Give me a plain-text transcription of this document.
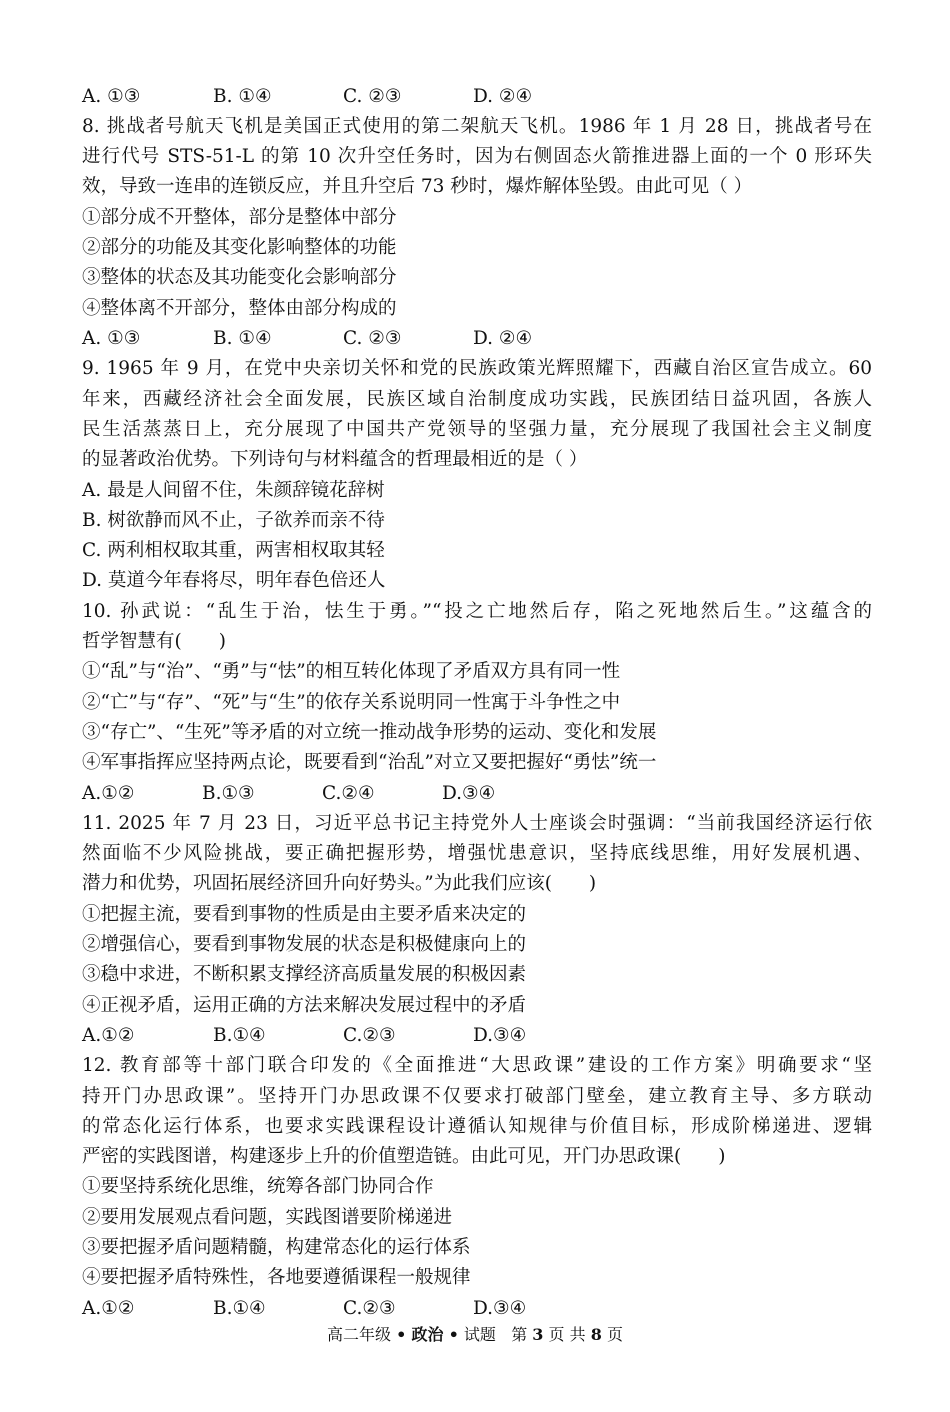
A. ①③	B. ①④	C. ②③	D. ②④
8. 挑战者号航天飞机是美国正式使用的第二架航天飞机。1986 年 1 月 28 日，挑战者号在
进行代号 STS-51-L 的第 10 次升空任务时，因为右侧固态火箭推进器上面的一个 0 形环失
效，导致一连串的连锁反应，并且升空后 73 秒时，爆炸解体坠毁。由此可见（ ）
①部分成不开整体，部分是整体中部分
②部分的功能及其变化影响整体的功能
③整体的状态及其功能变化会影响部分
④整体离不开部分，整体由部分构成的
A. ①③	B. ①④	C. ②③	D. ②④
9. 1965 年 9 月，在党中央亲切关怀和党的民族政策光辉照耀下，西藏自治区宣告成立。60
年来，西藏经济社会全面发展，民族区域自治制度成功实践，民族团结日益巩固，各族人
民生活蒸蒸日上，充分展现了中国共产党领导的坚强力量，充分展现了我国社会主义制度
的显著政治优势。下列诗句与材料蕴含的哲理最相近的是（ ）
A. 最是人间留不住，朱颜辞镜花辞树
B. 树欲静而风不止，子欲养而亲不待
C. 两利相权取其重，两害相权取其轻
D. 莫道今年春将尽，明年春色倍还人
10. 孙武说：“乱生于治，怯生于勇。”“投之亡地然后存，陷之死地然后生。”这蕴含的
哲学智慧有(　　)
①“乱”与“治”、“勇”与“怯”的相互转化体现了矛盾双方具有同一性
②“亡”与“存”、“死”与“生”的依存关系说明同一性寓于斗争性之中
③“存亡”、“生死”等矛盾的对立统一推动战争形势的运动、变化和发展
④军事指挥应坚持两点论，既要看到“治乱”对立又要把握好“勇怯”统一
A.①②	B.①③	C.②④	D.③④
11. 2025 年 7 月 23 日，习近平总书记主持党外人士座谈会时强调：“当前我国经济运行依
然面临不少风险挑战，要正确把握形势，增强忧患意识，坚持底线思维，用好发展机遇、
潜力和优势，巩固拓展经济回升向好势头。”为此我们应该(　　)
①把握主流，要看到事物的性质是由主要矛盾来决定的
②增强信心，要看到事物发展的状态是积极健康向上的
③稳中求进，不断积累支撑经济高质量发展的积极因素
④正视矛盾，运用正确的方法来解决发展过程中的矛盾
A.①②	B.①④	C.②③	D.③④
12. 教育部等十部门联合印发的《全面推进“大思政课”建设的工作方案》明确要求“坚
持开门办思政课”。坚持开门办思政课不仅要求打破部门壁垒，建立教育主导、多方联动
的常态化运行体系，也要求实践课程设计遵循认知规律与价值目标，形成阶梯递进、逻辑
严密的实践图谱，构建逐步上升的价值塑造链。由此可见，开门办思政课(　　)
①要坚持系统化思维，统筹各部门协同合作
②要用发展观点看问题，实践图谱要阶梯递进
③要把握矛盾问题精髓，构建常态化的运行体系
④要把握矛盾特殊性，各地要遵循课程一般规律
A.①②	B.①④	C.②③	D.③④
高二年级 • 政治 • 试题 第 3 页 共 8 页
